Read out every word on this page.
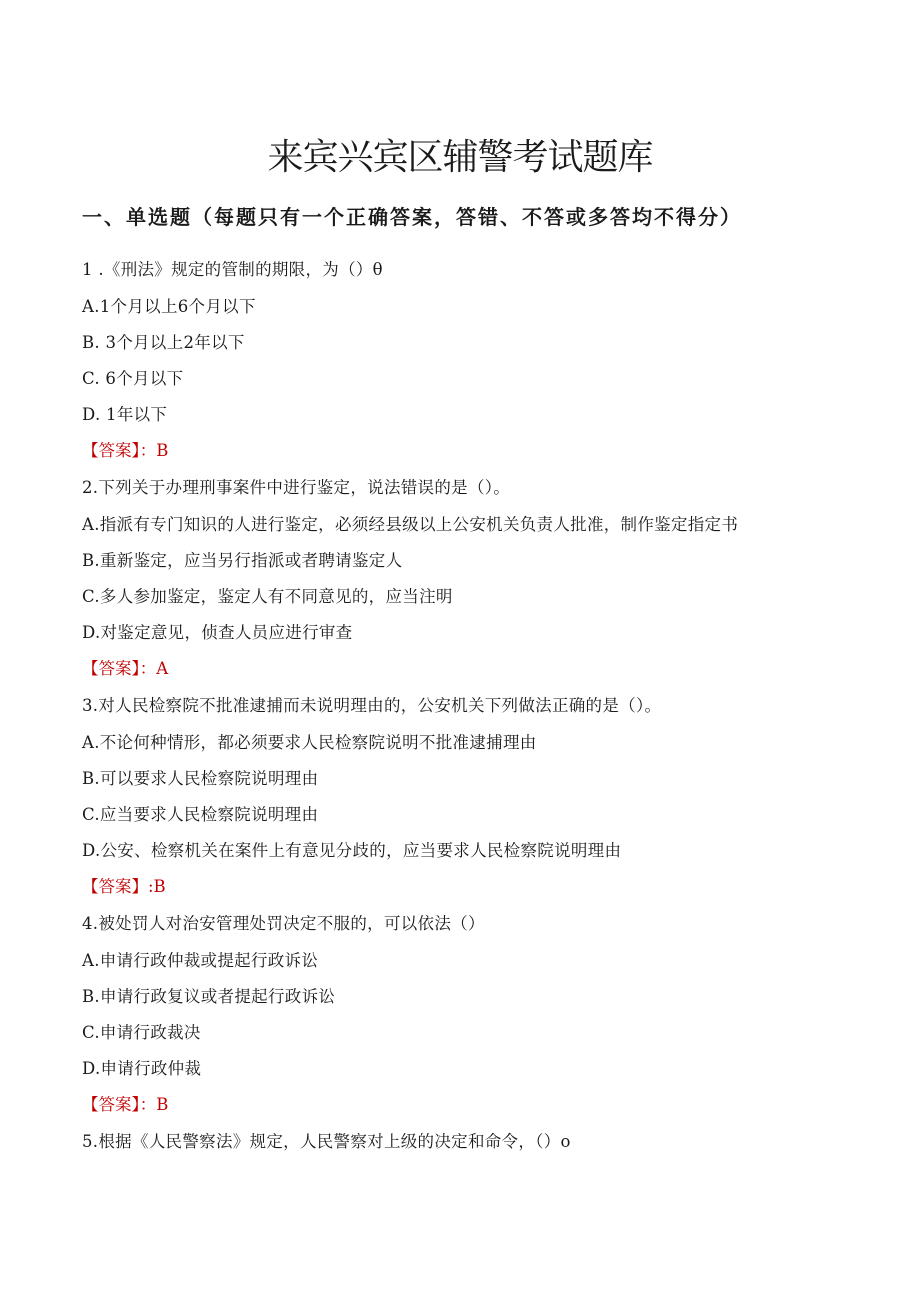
来宾兴宾区辅警考试题库
一、单选题（每题只有一个正确答案，答错、不答或多答均不得分）
1 .《刑法》规定的管制的期限，为（）θ
A.1个月以上6个月以下
B. 3个月以上2年以下
C. 6个月以下
D. 1年以下
【答案】：B
2.下列关于办理刑事案件中进行鉴定，说法错误的是（）。
A.指派有专门知识的人进行鉴定，必须经县级以上公安机关负责人批准，制作鉴定指定书
B.重新鉴定，应当另行指派或者聘请鉴定人
C.多人参加鉴定，鉴定人有不同意见的，应当注明
D.对鉴定意见，侦查人员应进行审查
【答案】：A
3.对人民检察院不批准逮捕而未说明理由的，公安机关下列做法正确的是（）。
A.不论何种情形，都必须要求人民检察院说明不批准逮捕理由
B.可以要求人民检察院说明理由
C.应当要求人民检察院说明理由
D.公安、检察机关在案件上有意见分歧的，应当要求人民检察院说明理由
【答案】:B
4.被处罚人对治安管理处罚决定不服的，可以依法（）
A.申请行政仲裁或提起行政诉讼
B.申请行政复议或者提起行政诉讼
C.申请行政裁决
D.申请行政仲裁
【答案】：B
5.根据《人民警察法》规定，人民警察对上级的决定和命令，（）o
